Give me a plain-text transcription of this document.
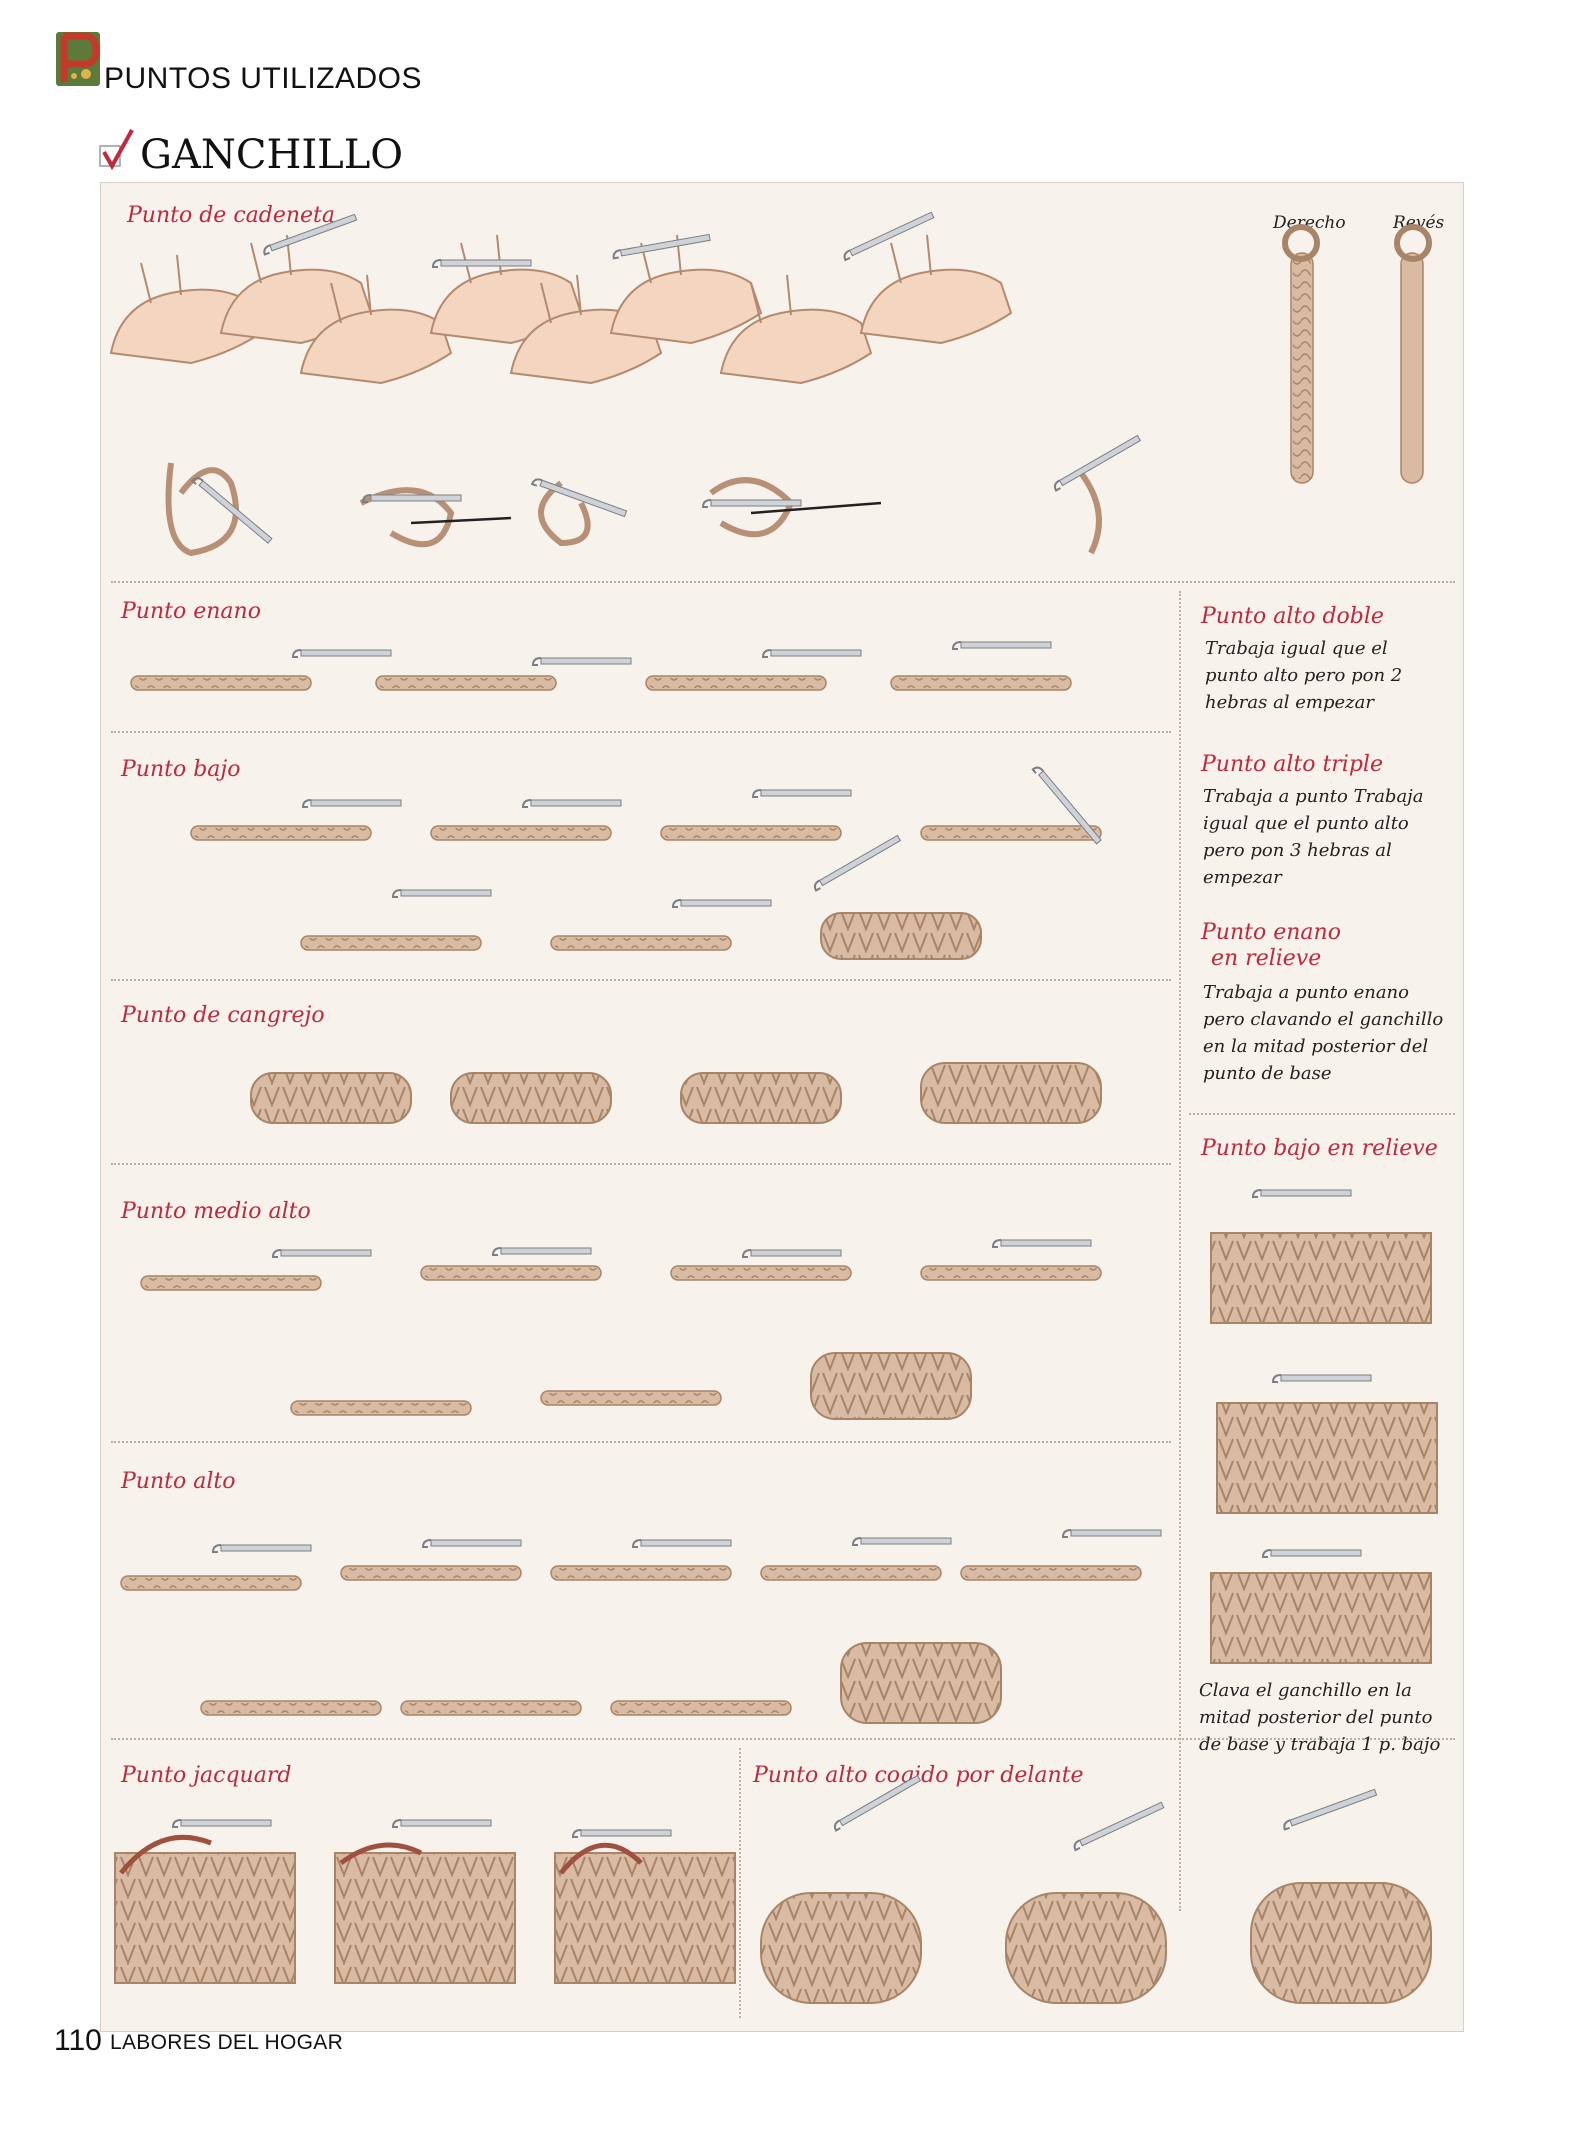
PUNTOS UTILIZADOS
GANCHILLO
Punto de cadeneta	Derecho	Revés
Punto enano
Punto bajo
Punto de cangrejo
Punto medio alto
Punto alto
Punto jacquard	Punto alto cogido por delante
Punto alto doble
Trabaja igual que el punto alto pero pon 2 hebras al empezar
Punto alto triple
Trabaja a punto Trabaja igual que el punto alto pero pon 3 hebras al empezar
Punto enano
en relieve
Trabaja a punto enano pero clavando el ganchillo en la mitad posterior del punto de base
Punto bajo en relieve
Clava el ganchillo en la mitad posterior del punto de base y trabaja 1 p. bajo
110 LABORES DEL HOGAR
